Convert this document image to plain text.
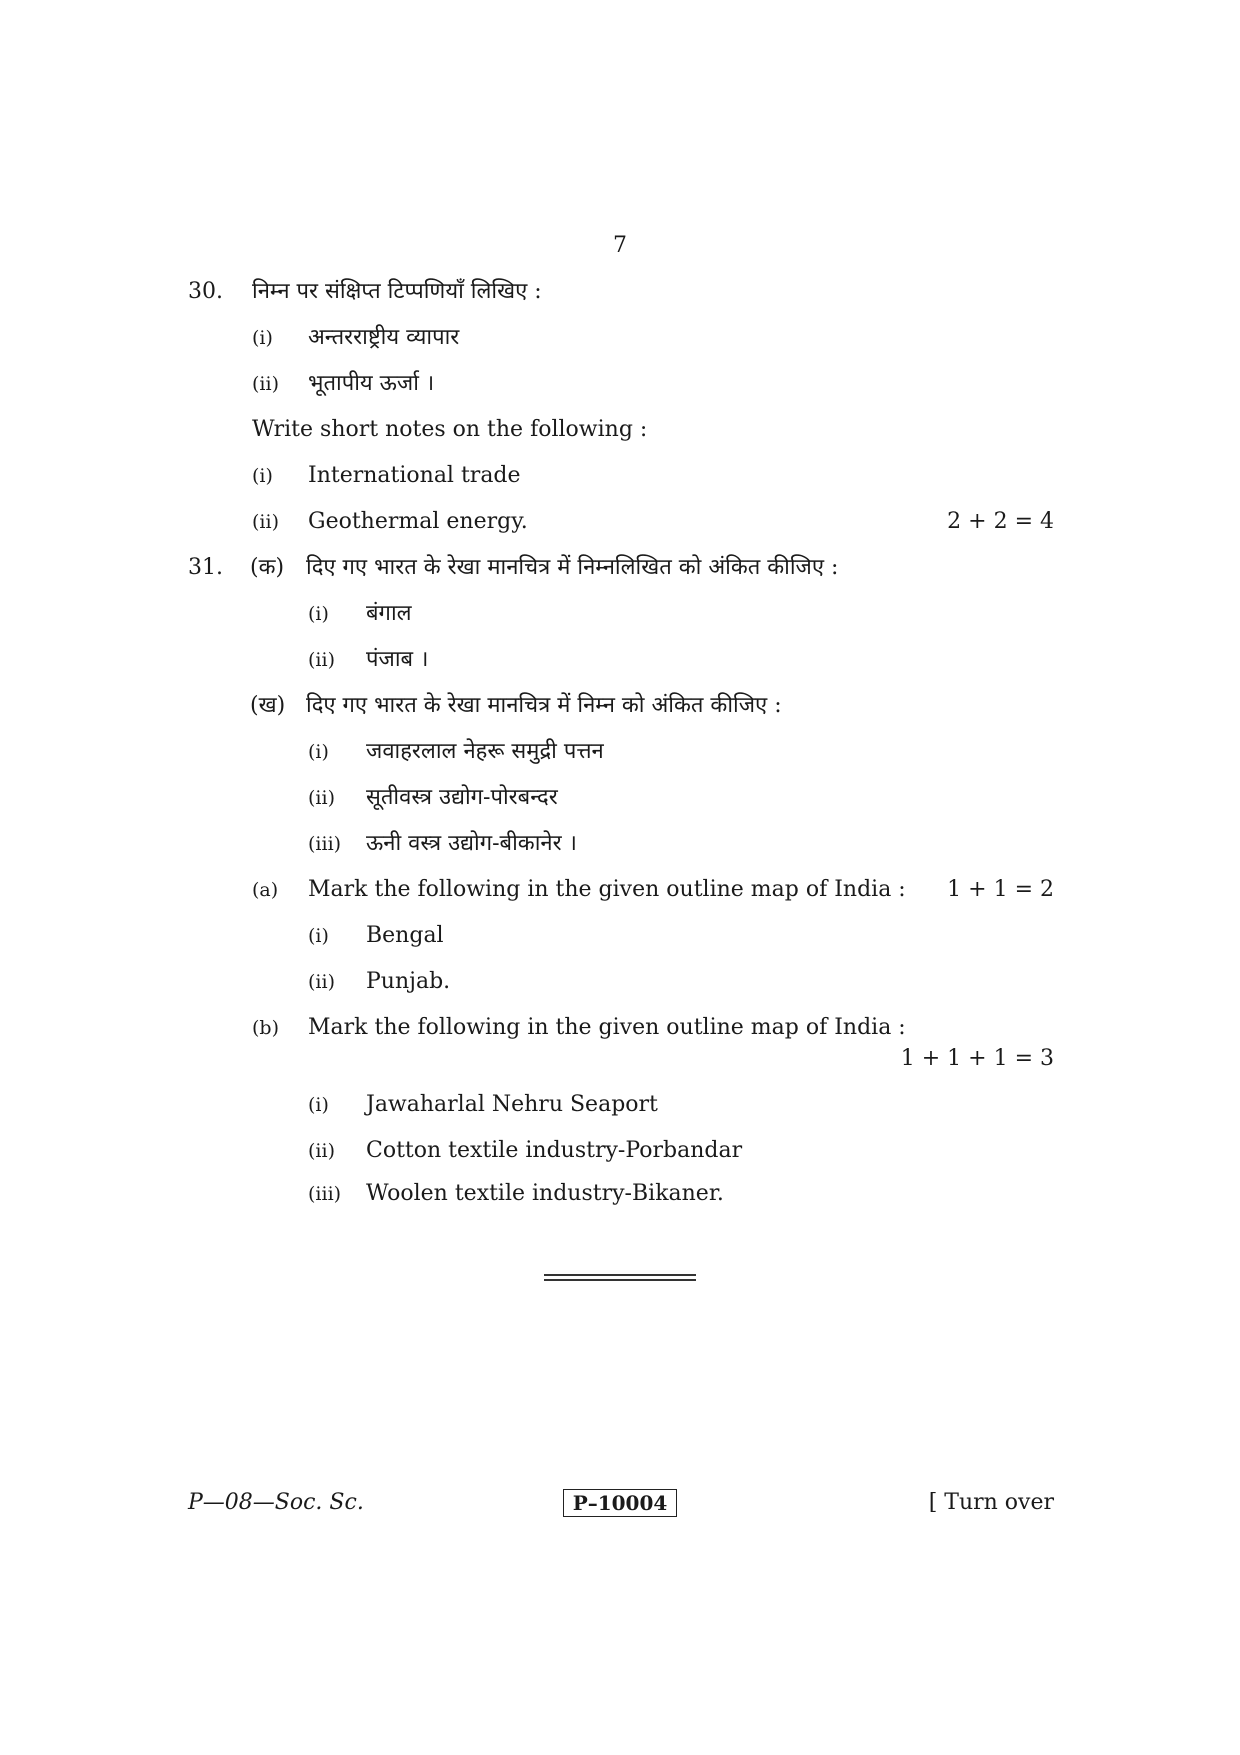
7
30. निम्न पर संक्षिप्त टिप्पणियाँ लिखिए :
(i) अन्तरराष्ट्रीय व्यापार
(ii) भूतापीय ऊर्जा ।
Write short notes on the following :
(i) International trade
(ii) Geothermal energy.	2 + 2 = 4
31. (क) दिए गए भारत के रेखा मानचित्र में निम्नलिखित को अंकित कीजिए :
(i) बंगाल
(ii) पंजाब ।
(ख) दिए गए भारत के रेखा मानचित्र में निम्न को अंकित कीजिए :
(i) जवाहरलाल नेहरू समुद्री पत्तन
(ii) सूतीवस्त्र उद्योग-पोरबन्दर
(iii) ऊनी वस्त्र उद्योग-बीकानेर ।
(a) Mark the following in the given outline map of India : 1 + 1 = 2
(i) Bengal
(ii) Punjab.
(b) Mark the following in the given outline map of India :
1 + 1 + 1 = 3
(i) Jawaharlal Nehru Seaport
(ii) Cotton textile industry-Porbandar
(iii) Woolen textile industry-Bikaner.
P—08—Soc. Sc.	P–10004	[ Turn over
